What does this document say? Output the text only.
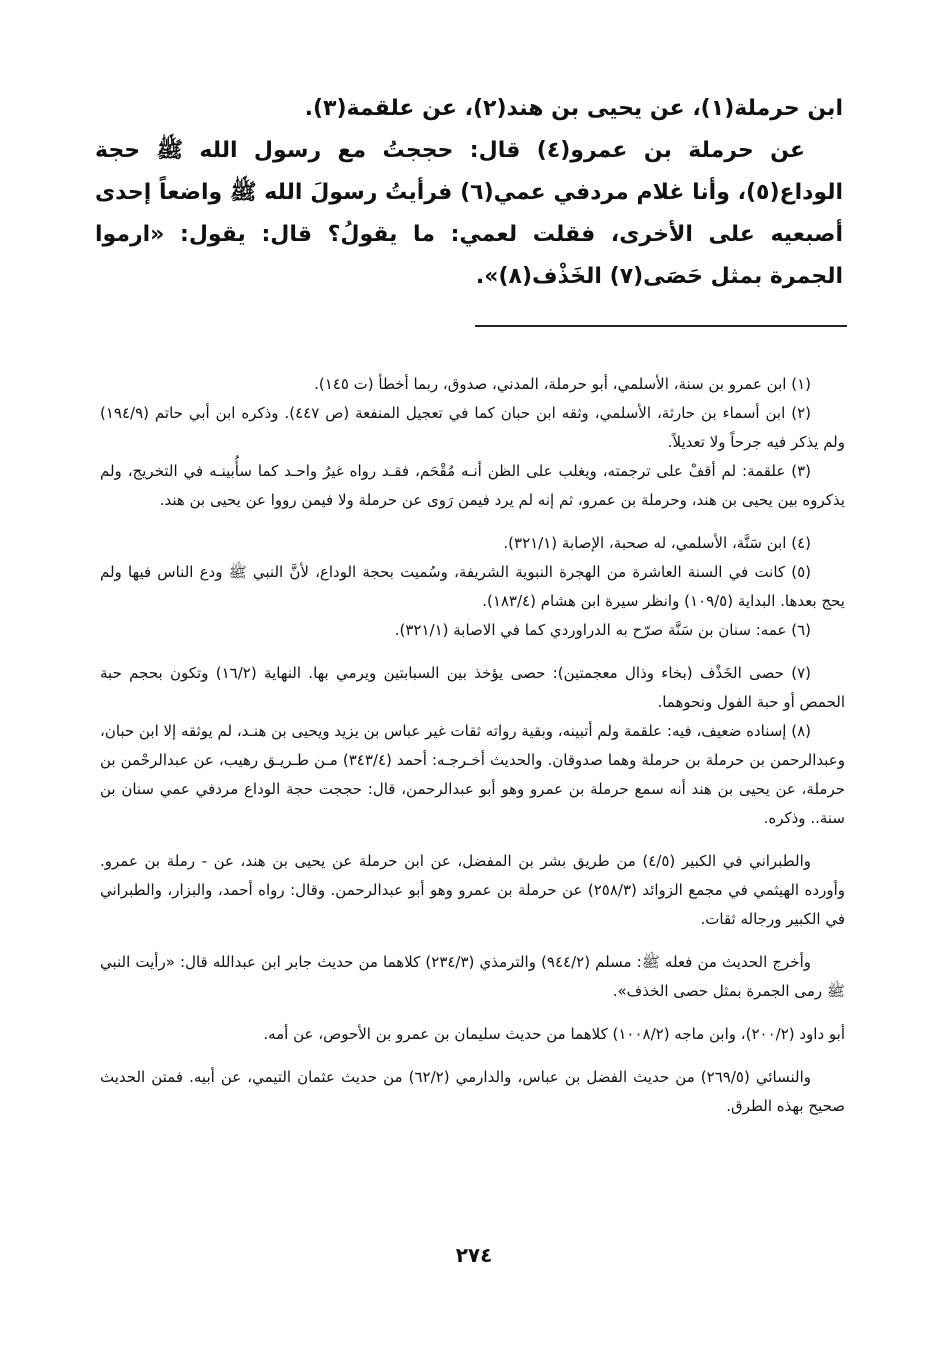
ابن حرملة(١)، عن يحيى بن هند(٢)، عن علقمة(٣).

عن حرملة بن عمرو(٤) قال: حججتُ مع رسول الله ﷺ حجة الوداع(٥)، وأنا غلام مردفي عمي(٦) فرأيتُ رسولَ الله ﷺ واضعاً إحدى أصبعيه على الأخرى، فقلت لعمي: ما يقولُ؟ قال: يقول: «ارموا الجمرة بمثل حَصَى(٧) الخَذْف(٨)».

(١) ابن عمرو بن سنة، الأسلمي، أبو حرملة، المدني، صدوق، ربما أخطأ (ت ١٤٥).

(٢) ابن أسماء بن حارثة، الأسلمي، وثقه ابن حبان كما في تعجيل المنفعة (ص ٤٤٧). وذكره ابن أبي حاتم (١٩٤/٩) ولم يذكر فيه جرحاً ولا تعديلاً.

(٣) علقمة: لم أقفْ على ترجمته، ويغلب على الظن أنـه مُقْحَم، فقـد رواه غيرُ واحـد كما سأُبينـه في التخريج، ولم يذكروه بين يحيى بن هند، وحرملة بن عمرو، ثم إنه لم يرد فيمن رَوى عن حرملة ولا فيمن رووا عن يحيى بن هند.

(٤) ابن سَنَّة، الأسلمي، له صحبة، الإصابة (٣٢١/١).

(٥) كانت في السنة العاشرة من الهجرة النبوية الشريفة، وسُميت بحجة الوداع، لأنَّ النبي ﷺ ودع الناس فيها ولم يحج بعدها. البداية (١٠٩/٥) وانظر سيرة ابن هشام (١٨٣/٤).

(٦) عمه: سنان بن سَنَّة صرّح به الدراوردي كما في الاصابة (٣٢١/١).

(٧) حصى الخَذْف (بخاء وذال معجمتين): حصى يؤخذ بين السبابتين ويرمي بها. النهاية (١٦/٢) وتكون بحجم حبة الحمص أو حبة الفول ونحوهما.

(٨) إسناده ضعيف، فيه: علقمة ولم أتبينه، وبقية رواته ثقات غير عباس بن يزيد ويحيى بن هنـد، لم يوثقه إلا ابن حبان، وعبدالرحمن بن حرملة بن حرملة وهما صدوقان. والحديث أخـرجـه: أحمد (٣٤٣/٤) مـن طـريـق رهيب، عن عبدالرحْمن بن حرملة، عن يحيى بن هند أنه سمع حرملة بن عمرو وهو أبو عبدالرحمن، قال: حججت حجة الوداع مردفي عمي سنان بن سنة.. وذكره.

والطبراني في الكبير (٤/٥) من طريق بشر بن المفضل، عن ابن حرملة عن يحيى بن هند، عن - رملة بن عمرو. وأورده الهيثمي في مجمع الزوائد (٢٥٨/٣) عن حرملة بن عمرو وهو أبو عبدالرحمن. وقال: رواه أحمد، والبزار، والطبراني في الكبير ورجاله ثقات.

وأخرج الحديث من فعله ﷺ: مسلم (٩٤٤/٢) والترمذي (٢٣٤/٣) كلاهما من حديث جابر ابن عبدالله قال: «رأيت النبي ﷺ رمى الجمرة بمثل حصى الخذف».

أبو داود (٢٠٠/٢)، وابن ماجه (١٠٠٨/٢) كلاهما من حديث سليمان بن عمرو بن الأحوص، عن أمه.

والنسائي (٢٦٩/٥) من حديث الفضل بن عباس، والدارمي (٦٢/٢) من حديث عثمان التيمي، عن أبيه. فمتن الحديث صحيح بهذه الطرق.

٢٧٤
